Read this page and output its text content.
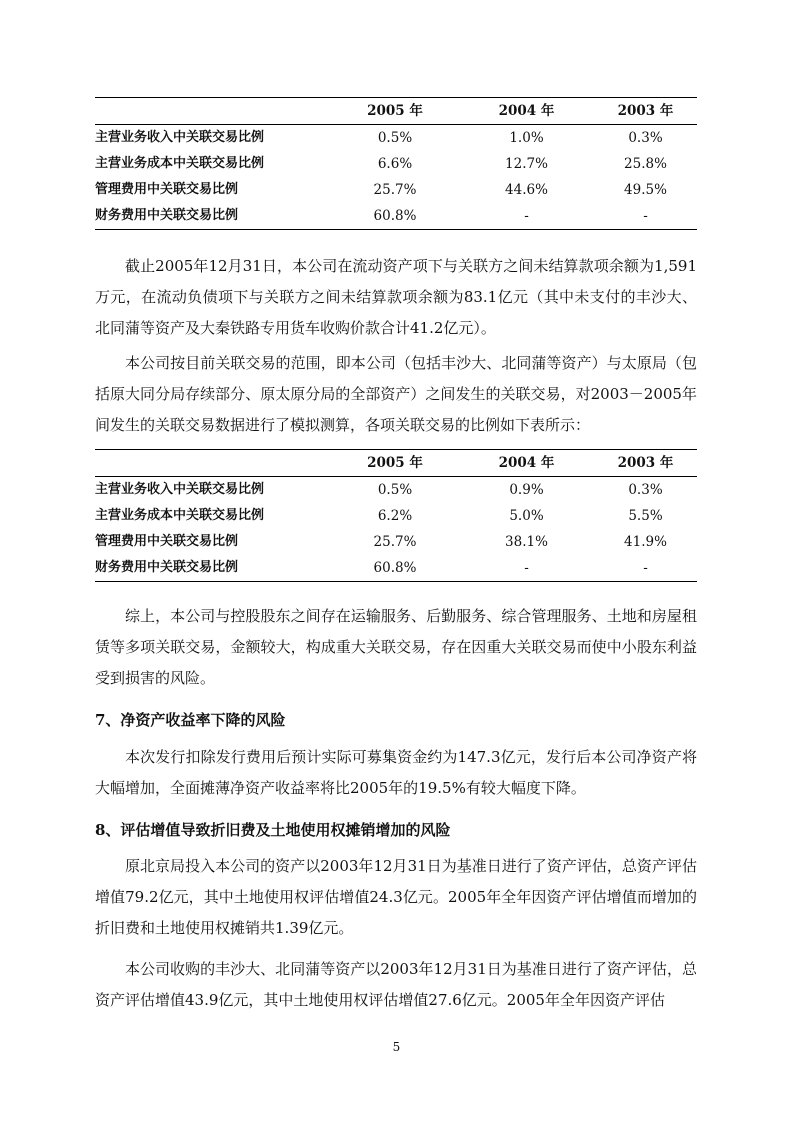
	2005 年	2004 年	2003 年
主营业务收入中关联交易比例	0.5%	1.0%	0.3%
主营业务成本中关联交易比例	6.6%	12.7%	25.8%
管理费用中关联交易比例	25.7%	44.6%	49.5%
财务费用中关联交易比例	60.8%	-	-

截止2005年12月31日，本公司在流动资产项下与关联方之间未结算款项余额为1,591万元，在流动负债项下与关联方之间未结算款项余额为83.1亿元（其中未支付的丰沙大、北同蒲等资产及大秦铁路专用货车收购价款合计41.2亿元）。

本公司按目前关联交易的范围，即本公司（包括丰沙大、北同蒲等资产）与太原局（包括原大同分局存续部分、原太原分局的全部资产）之间发生的关联交易，对2003－2005年间发生的关联交易数据进行了模拟测算，各项关联交易的比例如下表所示：

	2005 年	2004 年	2003 年
主营业务收入中关联交易比例	0.5%	0.9%	0.3%
主营业务成本中关联交易比例	6.2%	5.0%	5.5%
管理费用中关联交易比例	25.7%	38.1%	41.9%
财务费用中关联交易比例	60.8%	-	-

综上，本公司与控股股东之间存在运输服务、后勤服务、综合管理服务、土地和房屋租赁等多项关联交易，金额较大，构成重大关联交易，存在因重大关联交易而使中小股东利益受到损害的风险。

7、净资产收益率下降的风险

本次发行扣除发行费用后预计实际可募集资金约为147.3亿元，发行后本公司净资产将大幅增加，全面摊薄净资产收益率将比2005年的19.5%有较大幅度下降。

8、评估增值导致折旧费及土地使用权摊销增加的风险

原北京局投入本公司的资产以2003年12月31日为基准日进行了资产评估，总资产评估增值79.2亿元，其中土地使用权评估增值24.3亿元。2005年全年因资产评估增值而增加的折旧费和土地使用权摊销共1.39亿元。

本公司收购的丰沙大、北同蒲等资产以2003年12月31日为基准日进行了资产评估，总资产评估增值43.9亿元，其中土地使用权评估增值27.6亿元。2005年全年因资产评估

5
